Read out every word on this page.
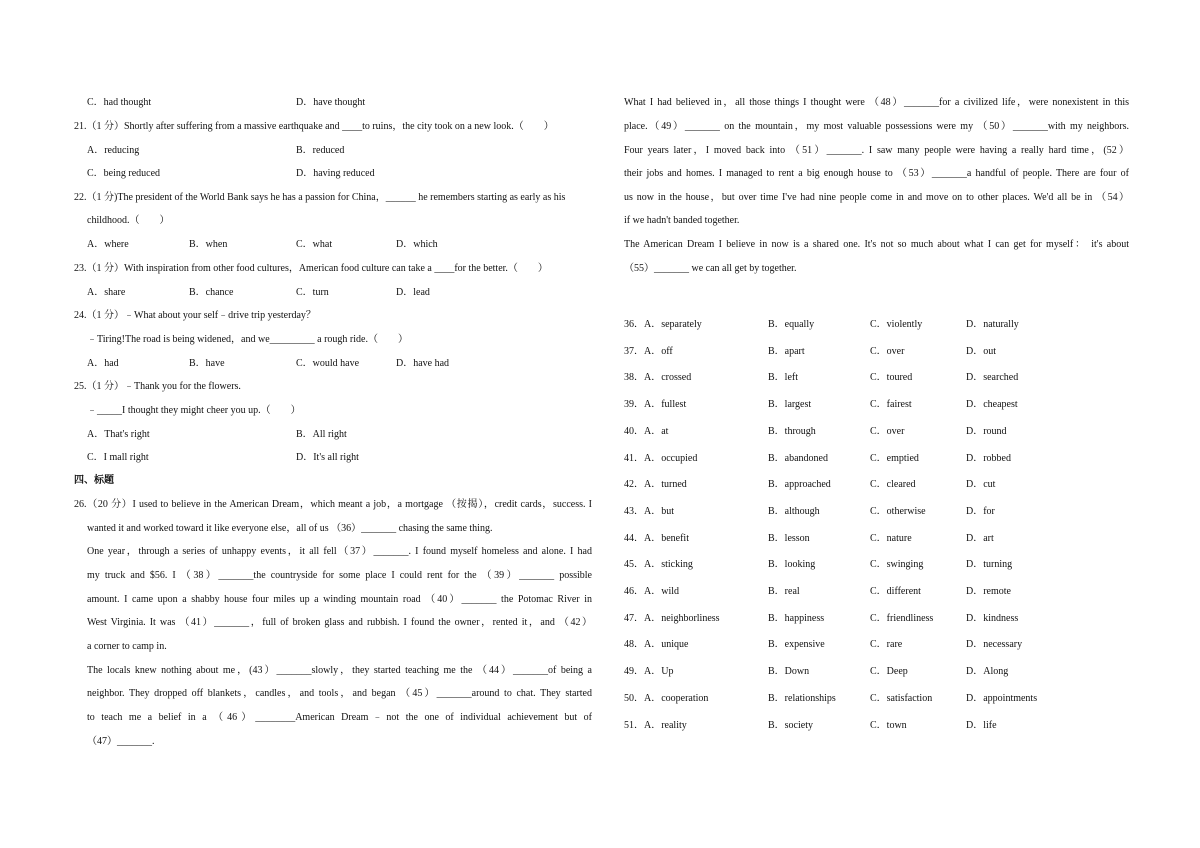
C．had thought	D．have thought
21.（1 分）Shortly after suffering from a massive earthquake and ____to ruins，the city took on a new look.（　　）
A．reducing	B．reduced
C．being reduced	D．having reduced
22.（1 分)The president of the World Bank says he has a passion for China，______ he remembers starting as early as his
childhood.（　　）
A．where	B．when	C．what	D．which
23.（1 分）With inspiration from other food cultures，American food culture can take a ____for the better.（　　）
A．share	B．chance	C．turn	D．lead
24.（1 分）﹣What about your self﹣drive trip yesterday？
﹣Tiring!The road is being widened，and we_________ a rough ride.（　　）
A．had	B．have	C．would have	D．have had
25.（1 分）﹣Thank you for the flowers.
﹣_____I thought they might cheer you up.（　　）
A．That's right	B．All right
C．I mall right	D．It's all right
四、标题
26.（20 分）I used to believe in the American Dream，which meant a job，a mortgage （按揭），credit cards，success. I
wanted it and worked toward it like everyone else，all of us （36）_______ chasing the same thing.
One year，through a series of unhappy events，it all fell（37）_______. I found myself homeless and alone. I had
my truck and $56. I （38）_______the countryside for some place I could rent for the （39）_______ possible
amount. I came upon a shabby house four miles up a winding mountain road （40）_______ the Potomac River in
West Virginia. It was （41）_______，full of broken glass and rubbish. I found the owner，rented it，and （42）
a corner to camp in.
The locals knew nothing about me，(43）_______slowly，they started teaching me the （44）_______of being a
neighbor. They dropped off blankets，candles，and tools，and began （45）_______around to chat. They started
to teach me a belief in a （46）________American Dream﹣not the one of individual achievement but of
（47）_______.
What I had believed in，all those things I thought were （48）_______for a civilized life，were nonexistent in this
place.（49）_______ on the mountain，my most valuable possessions were my （50）_______with my neighbors.
Four years later，I moved back into （51）_______. I saw many people were having a really hard time，(52）
their jobs and homes. I managed to rent a big enough house to （53）_______a handful of people. There are four of
us now in the house，but over time I've had nine people come in and move on to other places. We'd all be in （54）
if we hadn't banded together.
The American Dream I believe in now is a shared one. It's not so much about what I can get for myself： it's about
（55）_______ we can all get by together.
36．A．separately	B．equally	C．violently	D．naturally
37．A．off	B．apart	C．over	D．out
38．A．crossed	B．left	C．toured	D．searched
39．A．fullest	B．largest	C．fairest	D．cheapest
40．A．at	B．through	C．over	D．round
41．A．occupied	B．abandoned	C．emptied	D．robbed
42．A．turned	B．approached	C．cleared	D．cut
43．A．but	B．although	C．otherwise	D．for
44．A．benefit	B．lesson	C．nature	D．art
45．A．sticking	B．looking	C．swinging	D．turning
46．A．wild	B．real	C．different	D．remote
47．A．neighborliness	B．happiness	C．friendliness	D．kindness
48．A．unique	B．expensive	C．rare	D．necessary
49．A．Up	B．Down	C．Deep	D．Along
50．A．cooperation	B．relationships	C．satisfaction	D．appointments
51．A．reality	B．society	C．town	D．life
